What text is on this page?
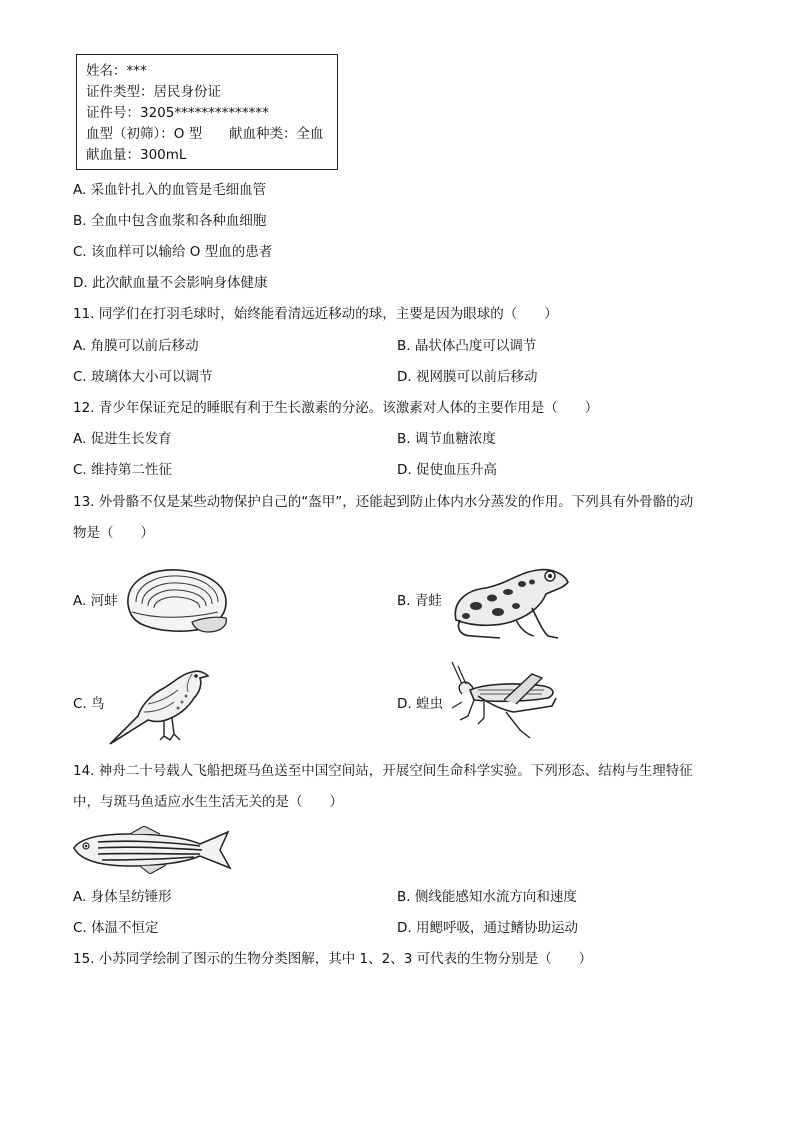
姓名：***
证件类型：居民身份证
证件号：3205**************
血型（初筛）：O 型 献血种类：全血
献血量：300mL
A. 采血针扎入的血管是毛细血管
B. 全血中包含血浆和各种血细胞
C. 该血样可以输给 O 型血的患者
D. 此次献血量不会影响身体健康
11. 同学们在打羽毛球时，始终能看清远近移动的球，主要是因为眼球的（　　）
A. 角膜可以前后移动	B. 晶状体凸度可以调节
C. 玻璃体大小可以调节	D. 视网膜可以前后移动
12. 青少年保证充足的睡眠有利于生长激素的分泌。该激素对人体的主要作用是（　　）
A. 促进生长发育	B. 调节血糖浓度
C. 维持第二性征	D. 促使血压升高
13. 外骨骼不仅是某些动物保护自己的“盔甲”，还能起到防止体内水分蒸发的作用。下列具有外骨骼的动
物是（　　）
A. 河蚌	B. 青蛙
C. 鸟	D. 蝗虫
14. 神舟二十号载人飞船把斑马鱼送至中国空间站，开展空间生命科学实验。下列形态、结构与生理特征
中，与斑马鱼适应水生生活无关的是（　　）
A. 身体呈纺锤形	B. 侧线能感知水流方向和速度
C. 体温不恒定	D. 用鳃呼吸，通过鳍协助运动
15. 小苏同学绘制了图示的生物分类图解，其中 1、2、3 可代表的生物分别是（　　）
